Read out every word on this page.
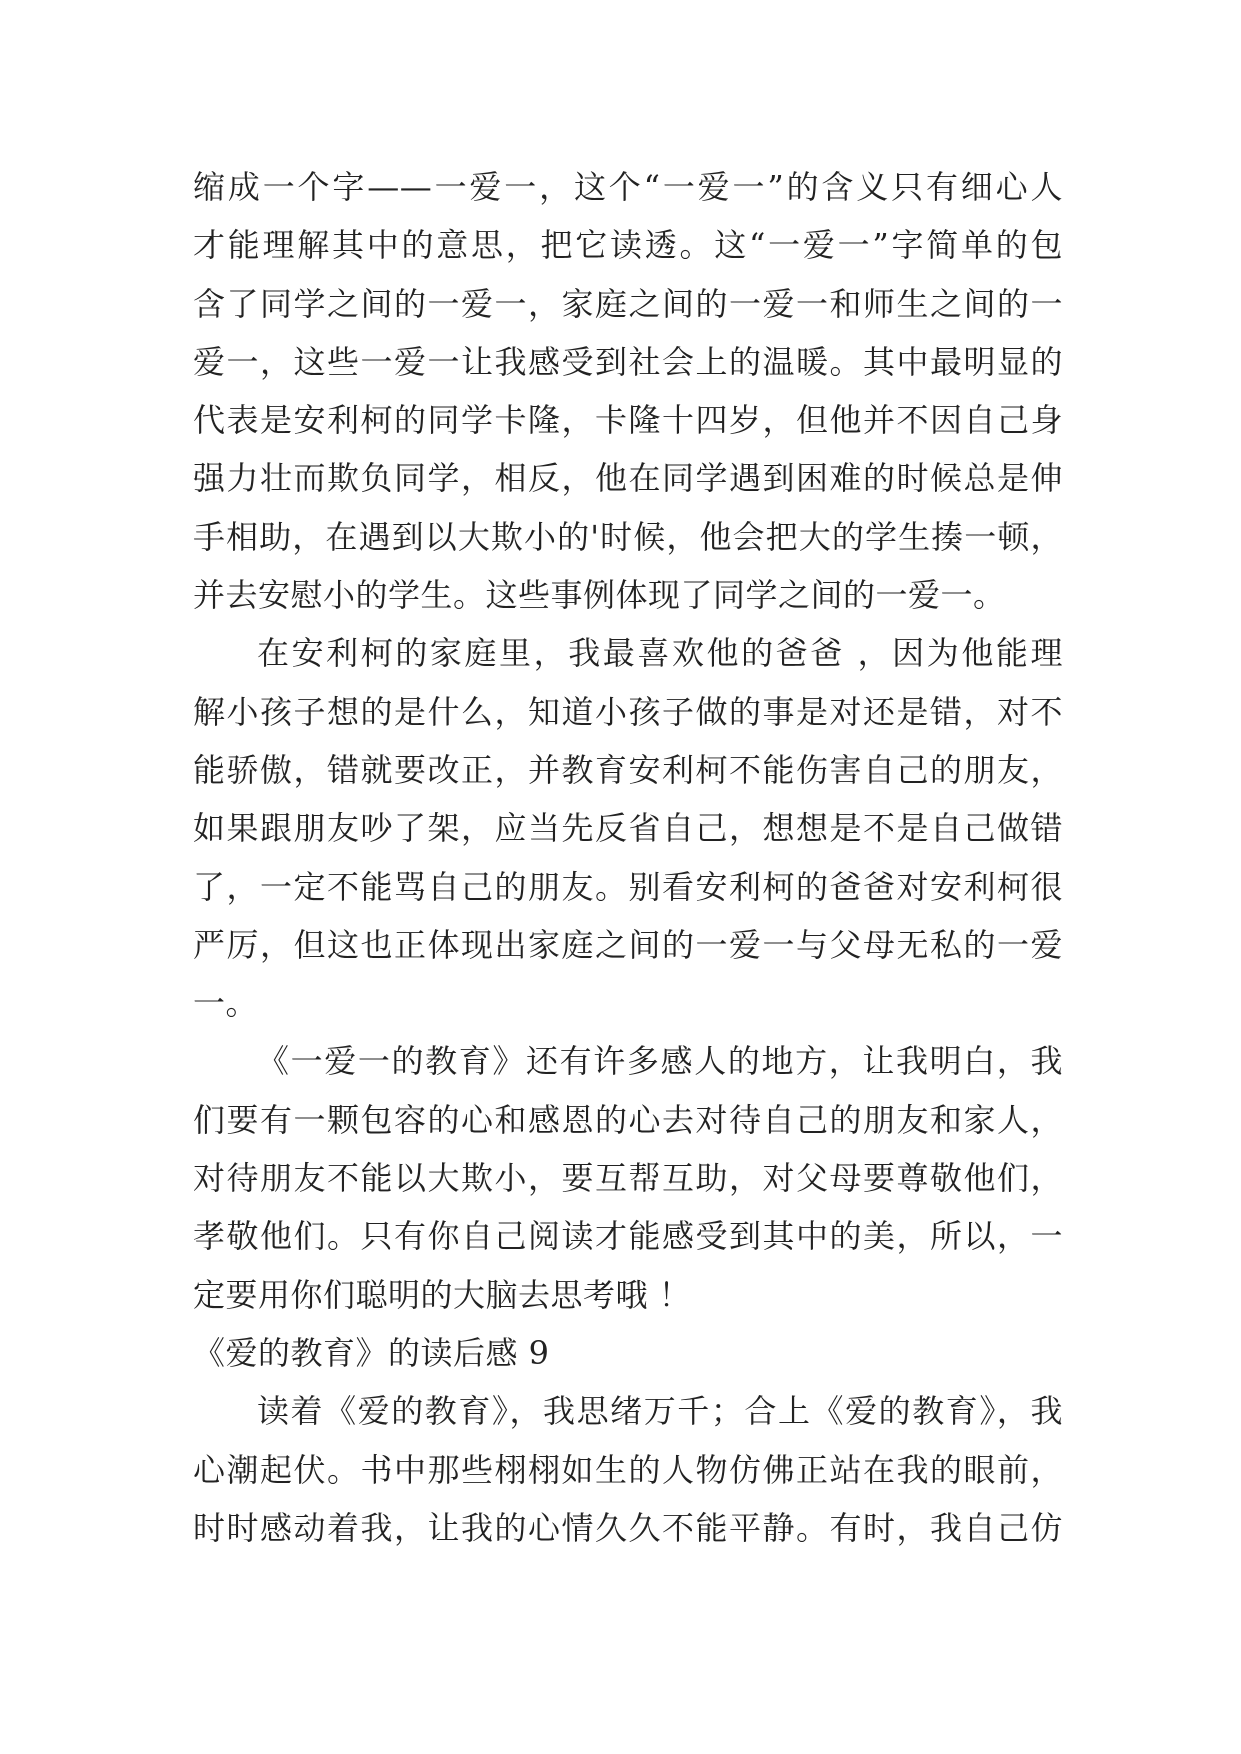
缩成一个字——一爱一，这个“一爱一”的含义只有细心人
才能理解其中的意思，把它读透。这“一爱一”字简单的包
含了同学之间的一爱一，家庭之间的一爱一和师生之间的一
爱一，这些一爱一让我感受到社会上的温暖。其中最明显的
代表是安利柯的同学卡隆，卡隆十四岁，但他并不因自己身
强力壮而欺负同学，相反，他在同学遇到困难的时候总是伸
手相助，在遇到以大欺小的'时候，他会把大的学生揍一顿，
并去安慰小的学生。这些事例体现了同学之间的一爱一。
在安利柯的家庭里，我最喜欢他的爸爸 ，因为他能理
解小孩子想的是什么，知道小孩子做的事是对还是错，对不
能骄傲，错就要改正，并教育安利柯不能伤害自己的朋友，
如果跟朋友吵了架，应当先反省自己，想想是不是自己做错
了，一定不能骂自己的朋友。别看安利柯的爸爸对安利柯很
严厉，但这也正体现出家庭之间的一爱一与父母无私的一爱
一。
《一爱一的教育》还有许多感人的地方，让我明白，我
们要有一颗包容的心和感恩的心去对待自己的朋友和家人，
对待朋友不能以大欺小，要互帮互助，对父母要尊敬他们，
孝敬他们。只有你自己阅读才能感受到其中的美，所以，一
定要用你们聪明的大脑去思考哦 ！
《爱的教育》的读后感 9
读着《爱的教育》，我思绪万千；合上《爱的教育》，我
心潮起伏。书中那些栩栩如生的人物仿佛正站在我的眼前，
时时感动着我，让我的心情久久不能平静。有时，我自己仿
